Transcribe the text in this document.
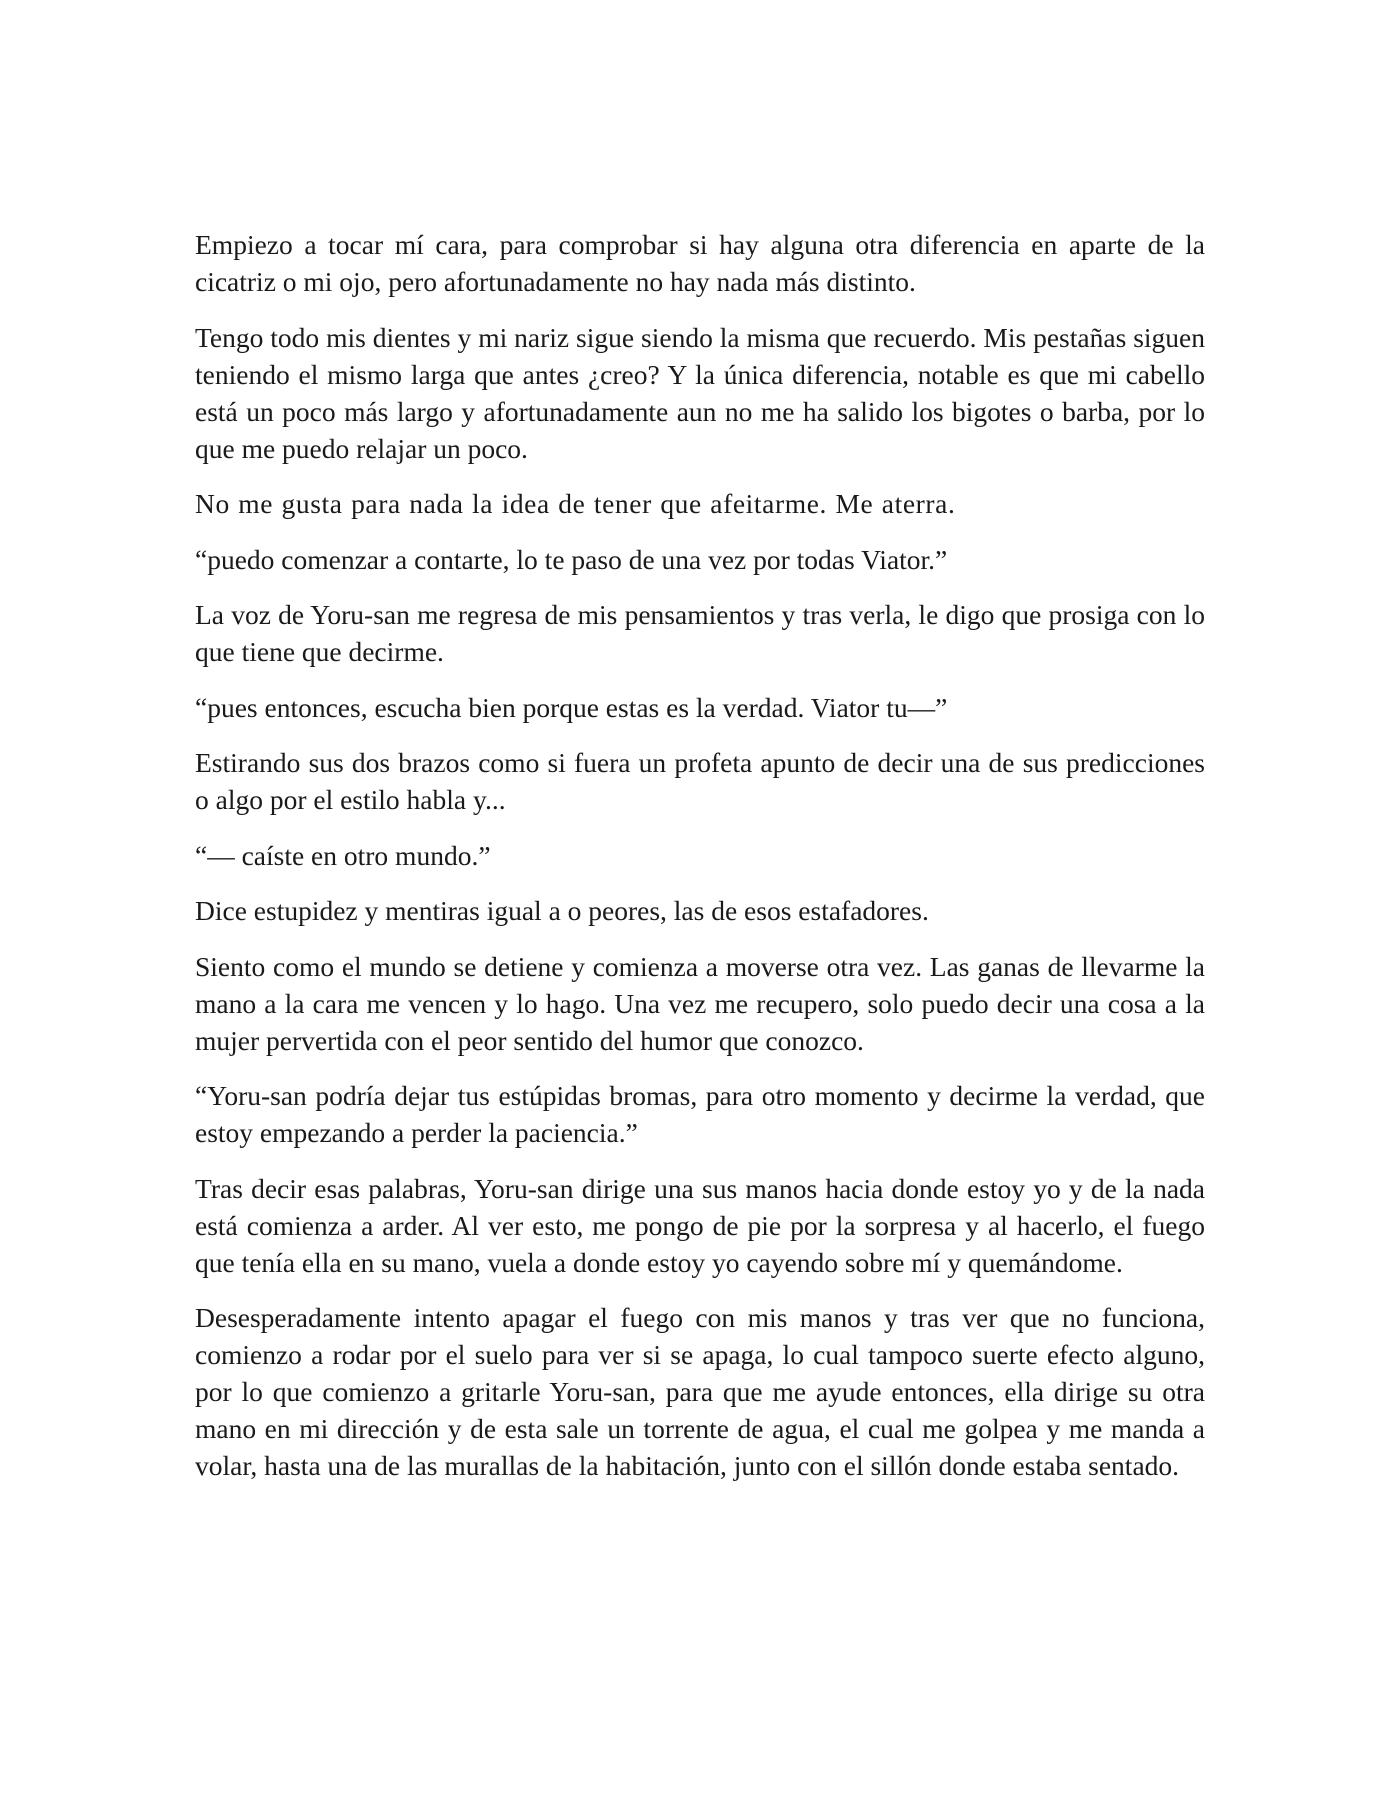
Empiezo a tocar mí cara, para comprobar si hay alguna otra diferencia en aparte de la cicatriz o mi ojo, pero afortunadamente no hay nada más distinto.

Tengo todo mis dientes y mi nariz sigue siendo la misma que recuerdo. Mis pestañas siguen teniendo el mismo larga que antes ¿creo? Y la única diferencia, notable es que mi cabello está un poco más largo y afortunadamente aun no me ha salido los bigotes o barba, por lo que me puedo relajar un poco.

No me gusta para nada la idea de tener que afeitarme. Me aterra.

“puedo comenzar a contarte, lo te paso de una vez por todas Viator.”

La voz de Yoru-san me regresa de mis pensamientos y tras verla, le digo que prosiga con lo que tiene que decirme.

“pues entonces, escucha bien porque estas es la verdad. Viator tu—”

Estirando sus dos brazos como si fuera un profeta apunto de decir una de sus predicciones o algo por el estilo habla y...

“— caíste en otro mundo.”

Dice estupidez y mentiras igual a o peores, las de esos estafadores.

Siento como el mundo se detiene y comienza a moverse otra vez. Las ganas de llevarme la mano a la cara me vencen y lo hago. Una vez me recupero, solo puedo decir una cosa a la mujer pervertida con el peor sentido del humor que conozco.

“Yoru-san podría dejar tus estúpidas bromas, para otro momento y decirme la verdad, que estoy empezando a perder la paciencia.”

Tras decir esas palabras, Yoru-san dirige una sus manos hacia donde estoy yo y de la nada está comienza a arder. Al ver esto, me pongo de pie por la sorpresa y al hacerlo, el fuego que tenía ella en su mano, vuela a donde estoy yo cayendo sobre mí y quemándome.

Desesperadamente intento apagar el fuego con mis manos y tras ver que no funciona, comienzo a rodar por el suelo para ver si se apaga, lo cual tampoco suerte efecto alguno, por lo que comienzo a gritarle Yoru-san, para que me ayude entonces, ella dirige su otra mano en mi dirección y de esta sale un torrente de agua, el cual me golpea y me manda a volar, hasta una de las murallas de la habitación, junto con el sillón donde estaba sentado.
